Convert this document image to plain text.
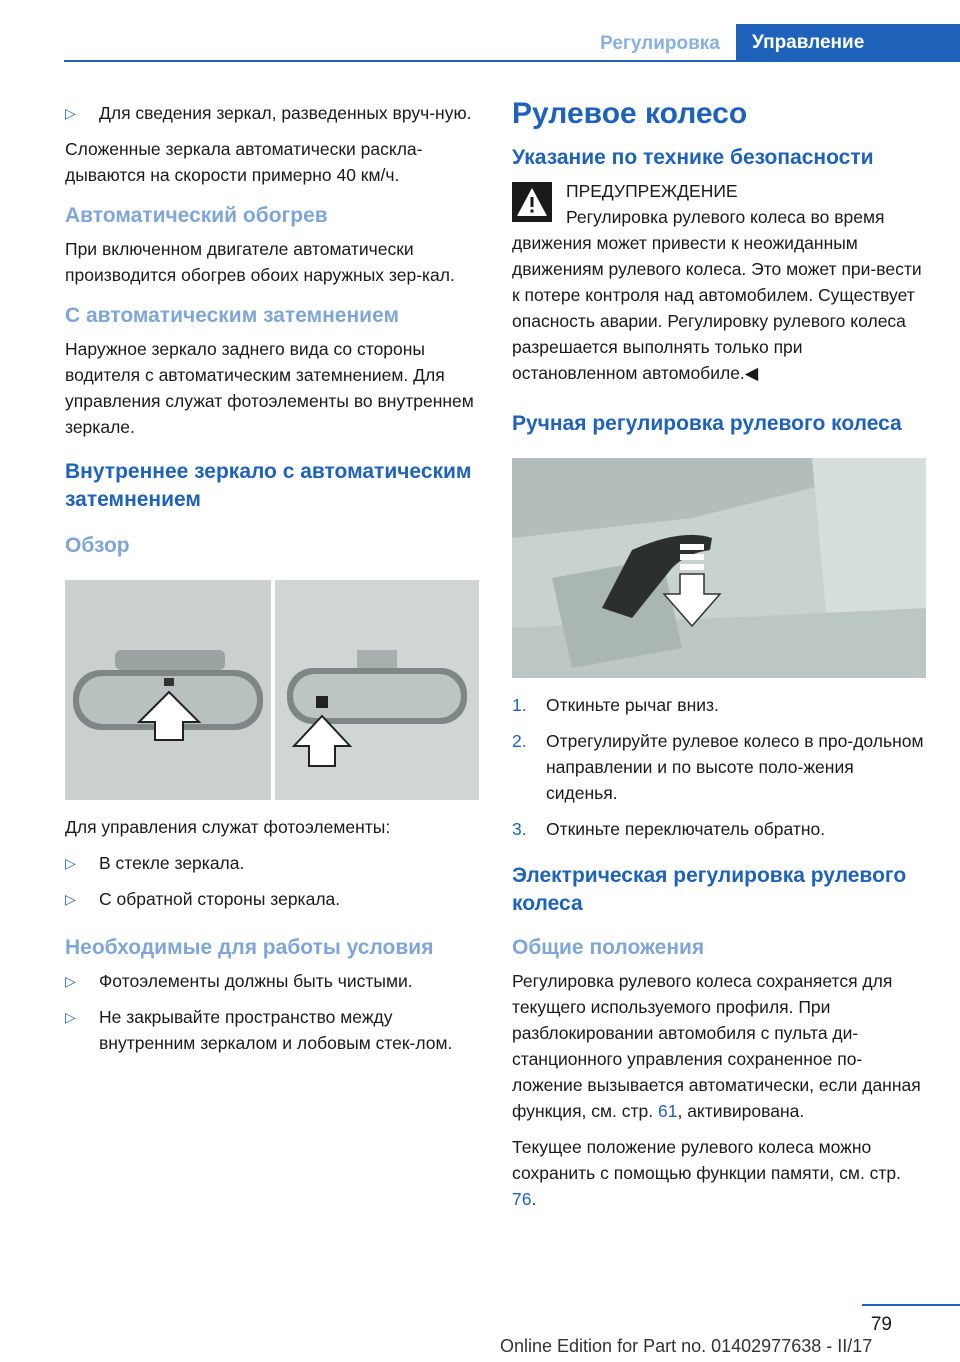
Регулировка	Управление
▷	Для сведения зеркал, разведенных вруч-ную.

Сложенные зеркала автоматически раскла-дываются на скорости примерно 40 км/ч.

Автоматический обогрев

При включенном двигателе автоматически производится обогрев обоих наружных зер-кал.

С автоматическим затемнением

Наружное зеркало заднего вида со стороны водителя с автоматическим затемнением. Для управления служат фотоэлементы во внутреннем зеркале.

Внутреннее зеркало с автоматическим затемнением
Обзор

Для управления служат фотоэлементы:

▷	В стекле зеркала.
▷	С обратной стороны зеркала.
Необходимые для работы условия
▷	Фотоэлементы должны быть чистыми.
▷	Не закрывайте пространство между внутренним зеркалом и лобовым стек-лом.
Рулевое колесо
Указание по технике безопасности
ПРЕДУПРЕЖДЕНИЕ
Регулировка рулевого колеса во время движения может привести к неожиданным движениям рулевого колеса. Это может при-вести к потере контроля над автомобилем. Существует опасность аварии. Регулировку рулевого колеса разрешается выполнять только при остановленном автомобиле.◀
Ручная регулировка рулевого колеса
1.	Откиньте рычаг вниз.
2.	Отрегулируйте рулевое колесо в про-дольном направлении и по высоте поло-жения сиденья.
3.	Откиньте переключатель обратно.
Электрическая регулировка рулевого колеса
Общие положения

Регулировка рулевого колеса сохраняется для текущего используемого профиля. При разблокировании автомобиля с пульта ди-станционного управления сохраненное по-ложение вызывается автоматически, если данная функция, см. стр. 61, активирована.

Текущее положение рулевого колеса можно сохранить с помощью функции памяти, см. стр. 76.

79
Online Edition for Part no. 01402977638 - II/17
